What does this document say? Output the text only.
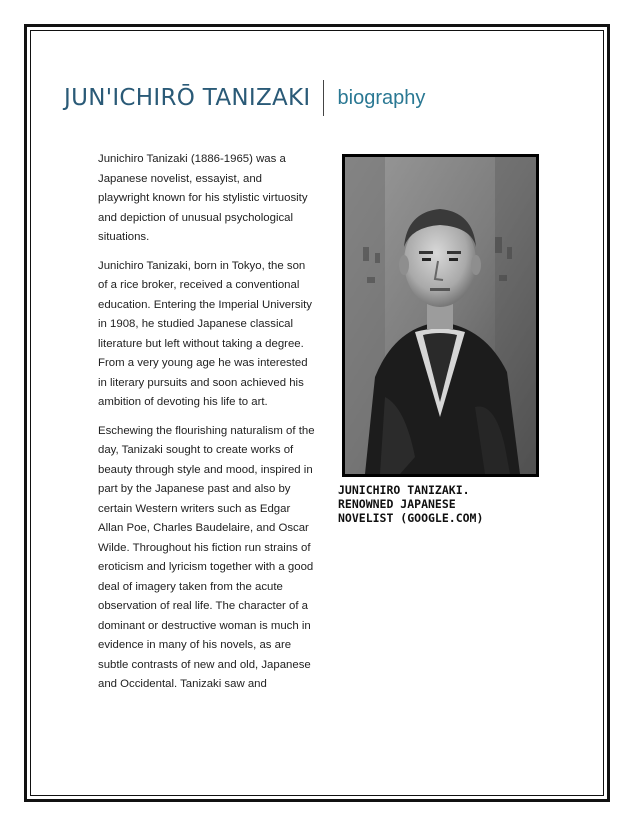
JUN'ICHIRŌ TANIZAKI biography

Junichiro Tanizaki (1886-1965) was a Japanese novelist, essayist, and playwright known for his stylistic virtuosity and depiction of unusual psychological situations.

Junichiro Tanizaki, born in Tokyo, the son of a rice broker, received a conventional education. Entering the Imperial University in 1908, he studied Japanese classical literature but left without taking a degree. From a very young age he was interested in literary pursuits and soon achieved his ambition of devoting his life to art.

Eschewing the flourishing naturalism of the day, Tanizaki sought to create works of beauty through style and mood, inspired in part by the Japanese past and also by certain Western writers such as Edgar Allan Poe, Charles Baudelaire, and Oscar Wilde. Throughout his fiction run strains of eroticism and lyricism together with a good deal of imagery taken from the acute observation of real life. The character of a dominant or destructive woman is much in evidence in many of his novels, as are subtle contrasts of new and old, Japanese and Occidental. Tanizaki saw and

JUNICHIRO TANIZAKI.
RENOWNED JAPANESE
NOVELIST (GOOGLE.COM)
